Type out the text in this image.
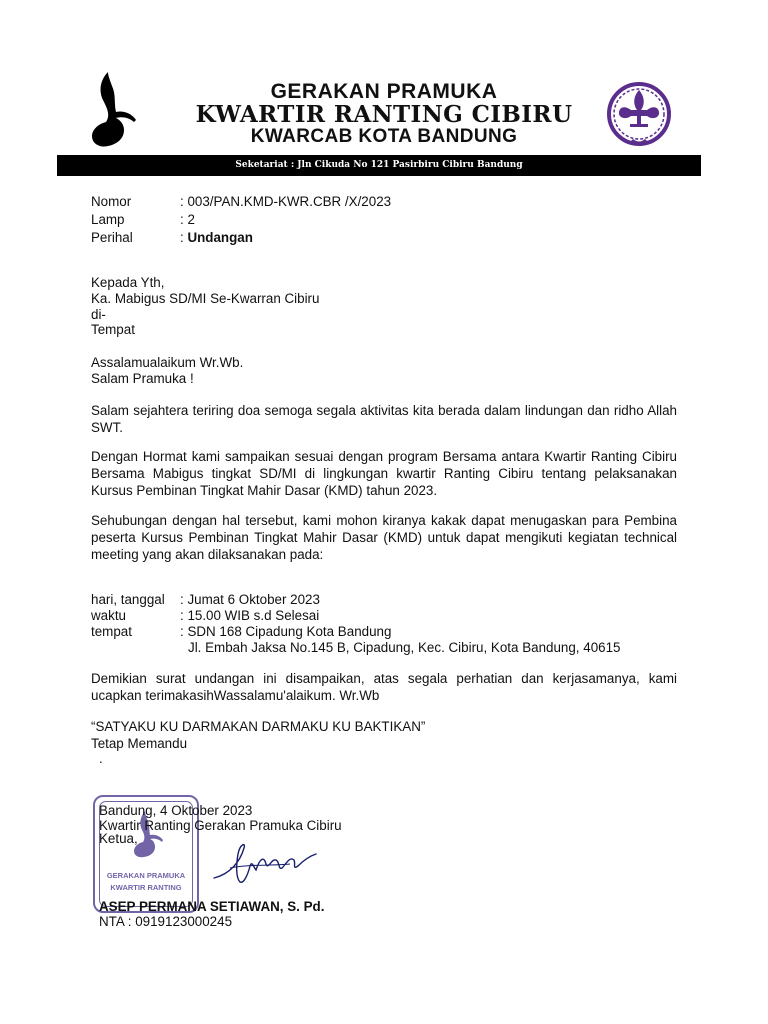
GERAKAN PRAMUKA
KWARTIR RANTING CIBIRU
KWARCAB KOTA BANDUNG
Seketariat : Jln Cikuda No 121 Pasirbiru Cibiru Bandung
Nomor	: 003/PAN.KMD-KWR.CBR /X/2023
Lamp	: 2
Perihal	: Undangan
Kepada Yth,
Ka. Mabigus SD/MI Se-Kwarran Cibiru
di-
Tempat
Assalamualaikum Wr.Wb.
Salam Pramuka !
Salam sejahtera teriring doa semoga segala aktivitas kita berada dalam lindungan dan ridho Allah SWT.
Dengan Hormat kami sampaikan sesuai dengan program Bersama antara Kwartir Ranting Cibiru Bersama Mabigus tingkat SD/MI di lingkungan kwartir Ranting Cibiru tentang pelaksanakan Kursus Pembinan Tingkat Mahir Dasar (KMD) tahun 2023.
Sehubungan dengan hal tersebut, kami mohon kiranya kakak dapat menugaskan para Pembina peserta Kursus Pembinan Tingkat Mahir Dasar (KMD) untuk dapat mengikuti kegiatan technical meeting yang akan dilaksanakan pada:
hari, tanggal : Jumat 6 Oktober 2023
waktu	: 15.00 WIB s.d Selesai
tempat	: SDN 168 Cipadung Kota Bandung
Jl. Embah Jaksa No.145 B, Cipadung, Kec. Cibiru, Kota Bandung, 40615
Demikian surat undangan ini disampaikan, atas segala perhatian dan kerjasamanya, kami ucapkan terimakasihWassalamu'alaikum. Wr.Wb
“SATYAKU KU DARMAKAN DARMAKU KU BAKTIKAN”
Tetap Memandu
.
GERAKAN PRAMUKA
KWARTIR RANTING
Bandung, 4 Oktober 2023
Kwartir Ranting Gerakan Pramuka Cibiru
Ketua,
ASEP PERMANA SETIAWAN, S. Pd.
NTA : 0919123000245
